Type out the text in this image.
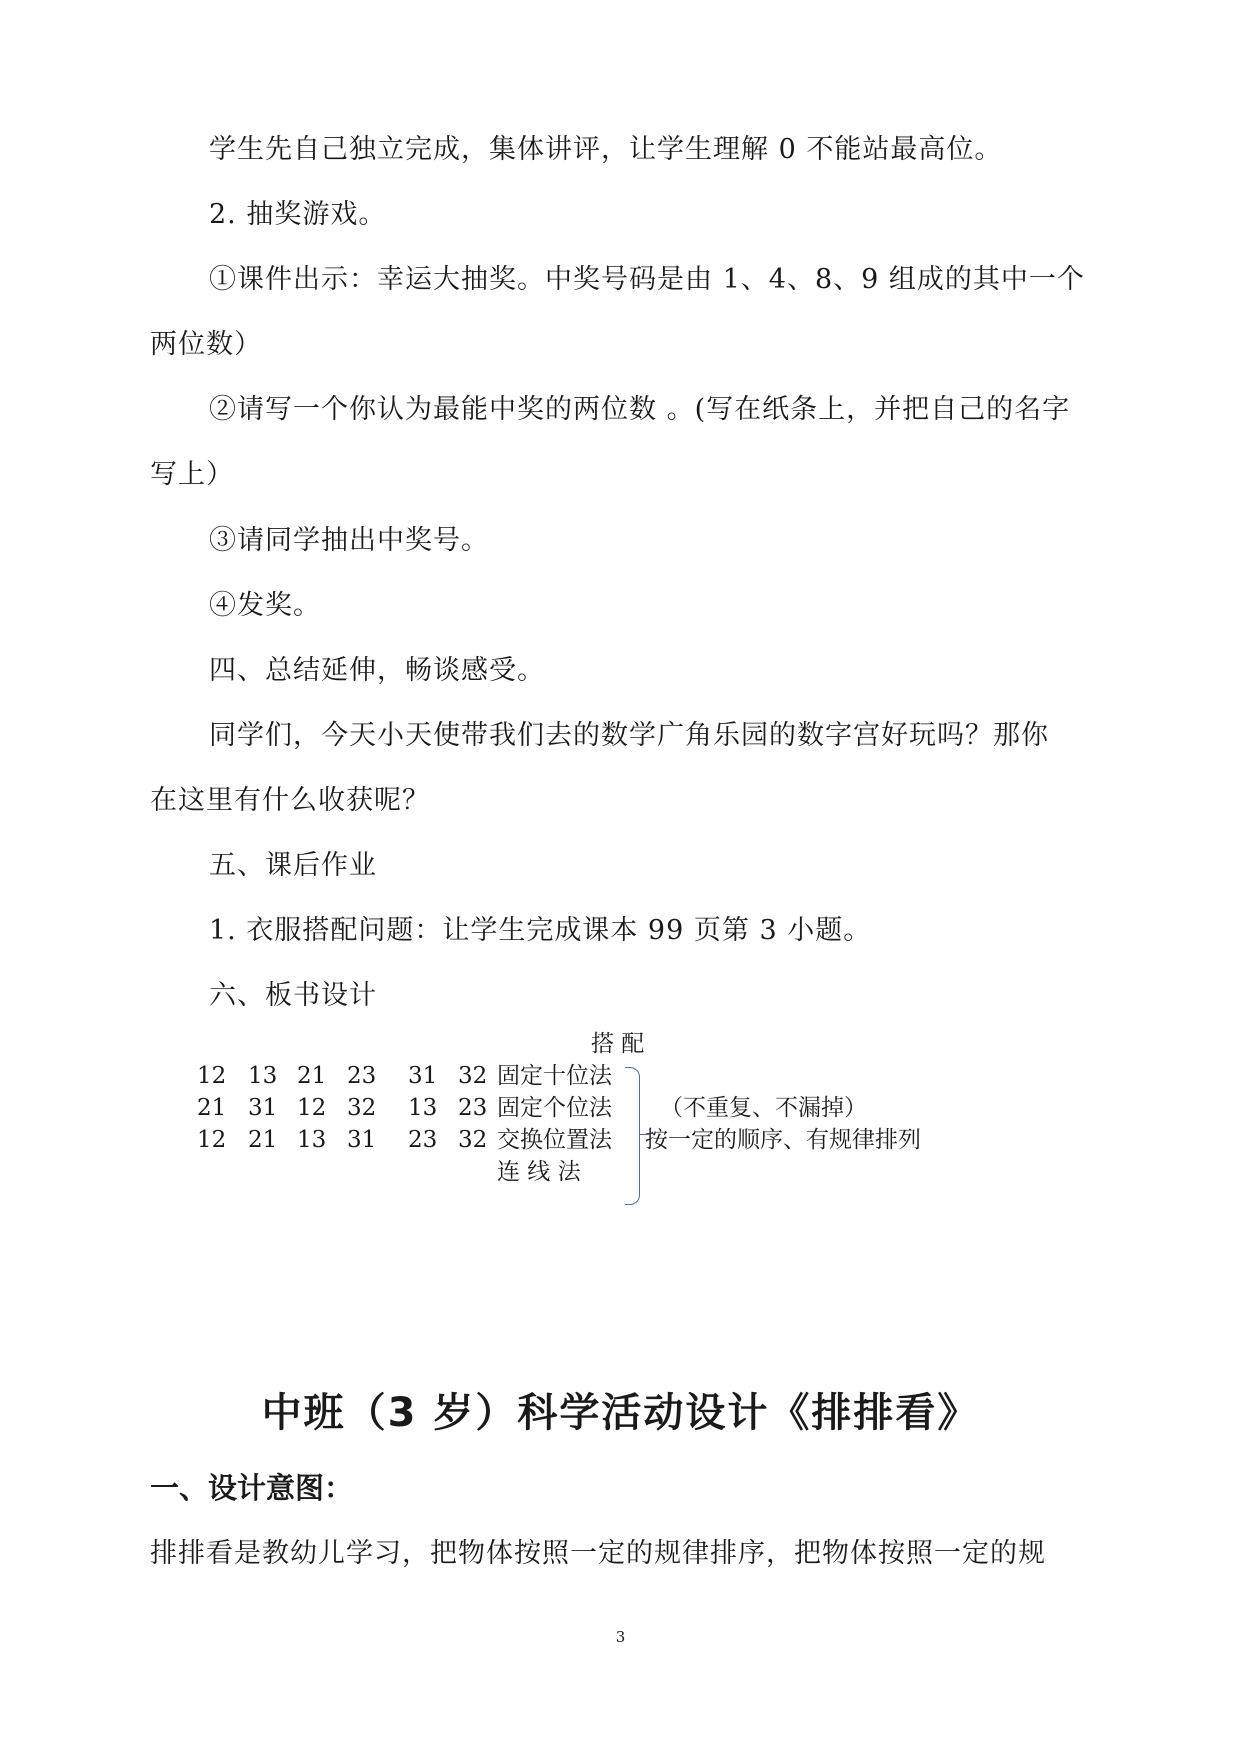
学生先自己独立完成，集体讲评，让学生理解 0 不能站最高位。
2. 抽奖游戏。
①课件出示：幸运大抽奖。中奖号码是由 1、4、8、9 组成的其中一个
两位数）
②请写一个你认为最能中奖的两位数 。(写在纸条上，并把自己的名字
写上）
③请同学抽出中奖号。
④发奖。
四、总结延伸，畅谈感受。
同学们，今天小天使带我们去的数学广角乐园的数字宫好玩吗？那你
在这里有什么收获呢？
五、课后作业
1. 衣服搭配问题：让学生完成课本 99 页第 3 小题。
六、板书设计
搭 配
12 13 21 23 31 32
21 31 12 32 13 23
12 21 13 31 23 32
固定十位法
固定个位法
交换位置法
连 线 法
（不重复、不漏掉）
按一定的顺序、有规律排列
中班（3 岁）科学活动设计《排排看》
一、设计意图：
排排看是教幼儿学习，把物体按照一定的规律排序，把物体按照一定的规
3
